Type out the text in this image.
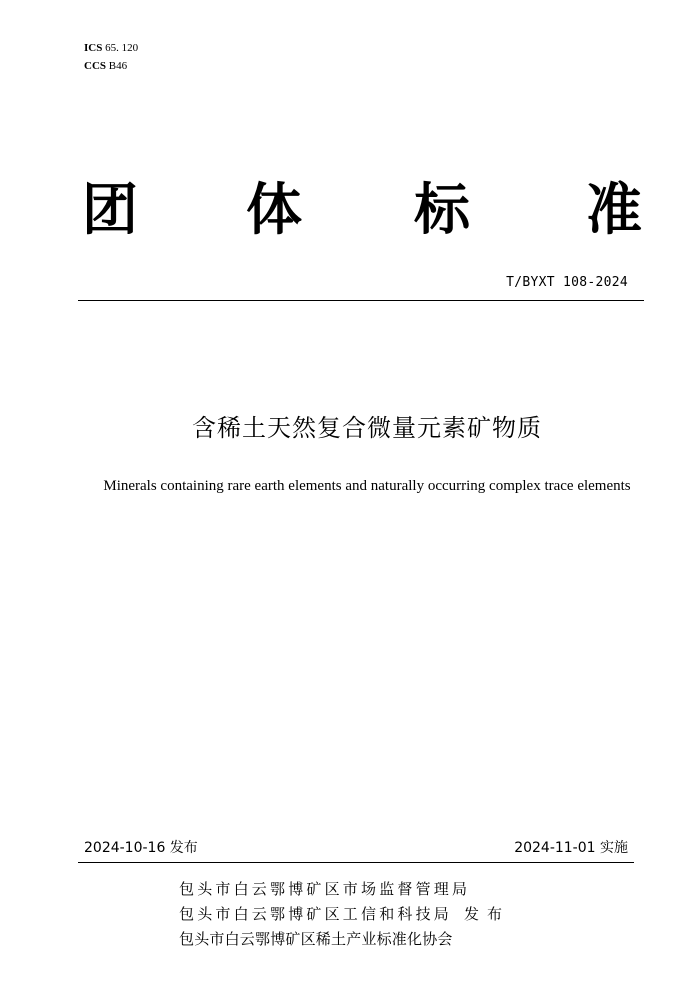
ICS 65. 120
CCS B46
团 体 标 准
T/BYXT 108-2024
含稀土天然复合微量元素矿物质
Minerals containing rare earth elements and naturally occurring complex trace elements
2024-10-16 发布	2024-11-01 实施
包头市白云鄂博矿区市场监督管理局
包头市白云鄂博矿区工信和科技局 发布
包头市白云鄂博矿区稀土产业标准化协会
